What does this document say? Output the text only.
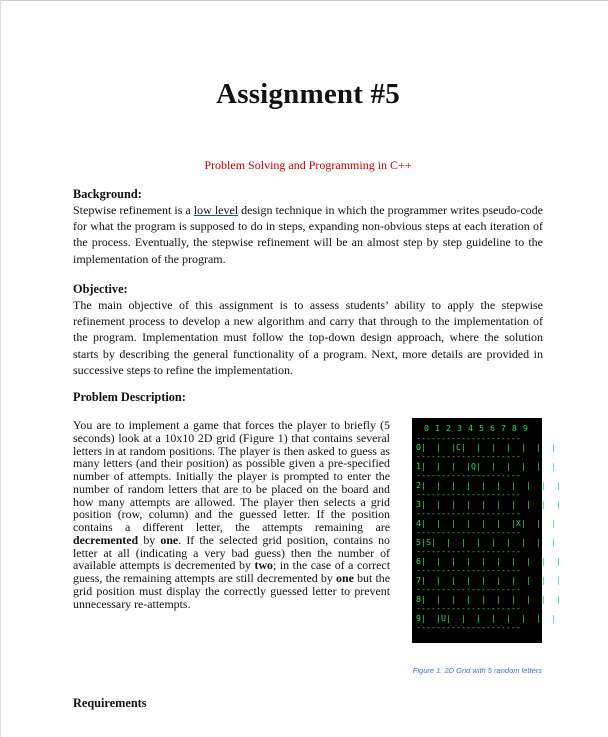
Assignment #5
Problem Solving and Programming in C++
Background:
Stepwise refinement is a low level design technique in which the programmer writes pseudo-code for what the program is supposed to do in steps, expanding non-obvious steps at each iteration of the process. Eventually, the stepwise refinement will be an almost step by step guideline to the implementation of the program.
Objective:
The main objective of this assignment is to assess students’ ability to apply the stepwise refinement process to develop a new algorithm and carry that through to the implementation of the program. Implementation must follow the top-down design approach, where the solution starts by describing the general functionality of a program. Next, more details are provided in successive steps to refine the implementation.
Problem Description:
You are to implement a game that forces the player to briefly (5 seconds) look at a 10x10 2D grid (Figure 1) that contains several letters in at random positions. The player is then asked to guess as many letters (and their position) as possible given a pre-specified number of attempts. Initially the player is prompted to enter the number of random letters that are to be placed on the board and how many attempts are allowed. The player then selects a grid position (row, column) and the guessed letter. If the position contains a different letter, the attempts remaining are decremented by one. If the selected grid position, contains no letter at all (indicating a very bad guess) then the number of available attempts is decremented by two; in the case of a correct guess, the remaining attempts are still decremented by one but the grid position must display the correctly guessed letter to prevent unnecessary re-attempts.
0 1 2 3 4 5 6 7 8 9
---------------------
0|  |  |C|  |  |  |  |  |  |
---------------------
1|  |  |  |Q|  |  |  |  |  |
---------------------
2|  |  |  |  |  |  |  |  |  |
---------------------
3|  |  |  |  |  |  |  |  |  |
---------------------
4|  |  |  |  |  |  |X|  |  |
---------------------
5|S|  |  |  |  |  |  |  |  |
---------------------
6|  |  |  |  |  |  |  |  |  |
---------------------
7|  |  |  |  |  |  |  |  |  |
---------------------
8|  |  |  |  |  |  |  |  |  |
---------------------
9|  |U|  |  |  |  |  |  |  |
---------------------
Figure 1. 2D Grid with 5 random letters
Requirements
